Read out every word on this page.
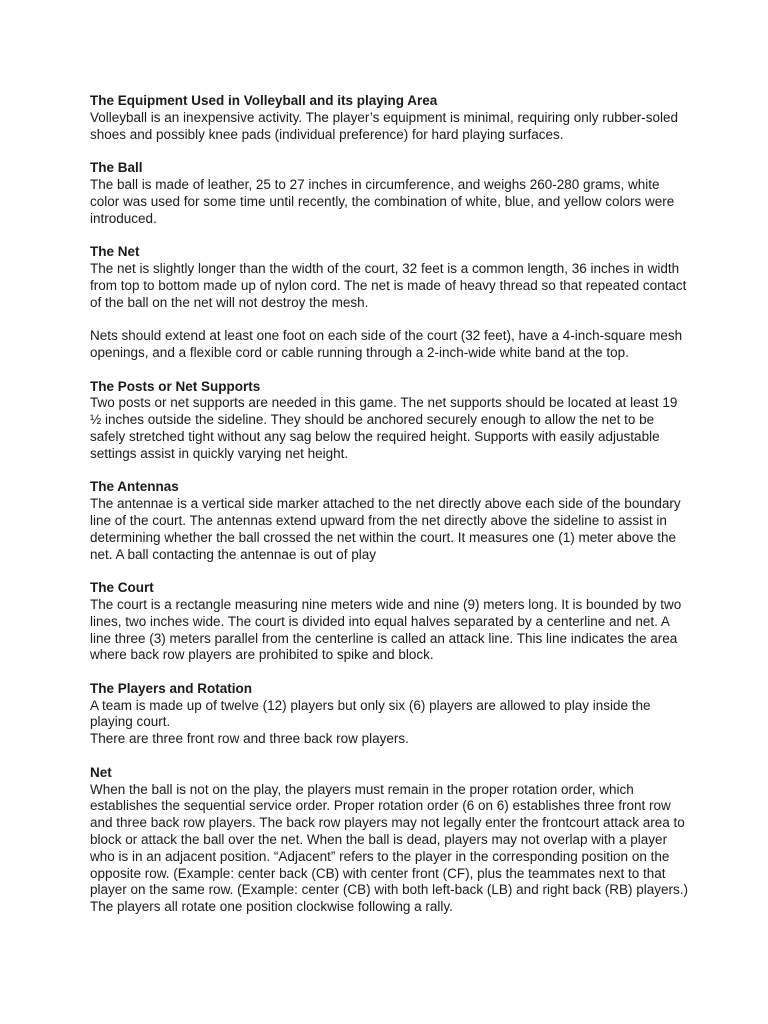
The Equipment Used in Volleyball and its playing Area
Volleyball is an inexpensive activity. The player’s equipment is minimal, requiring only rubber-soled shoes and possibly knee pads (individual preference) for hard playing surfaces.
The Ball
The ball is made of leather, 25 to 27 inches in circumference, and weighs 260-280 grams, white color was used for some time until recently, the combination of white, blue, and yellow colors were introduced.
The Net
The net is slightly longer than the width of the court, 32 feet is a common length, 36 inches in width from top to bottom made up of nylon cord. The net is made of heavy thread so that repeated contact of the ball on the net will not destroy the mesh.
Nets should extend at least one foot on each side of the court (32 feet), have a 4-inch-square mesh openings, and a flexible cord or cable running through a 2-inch-wide white band at the top.
The Posts or Net Supports
Two posts or net supports are needed in this game. The net supports should be located at least 19 ½ inches outside the sideline. They should be anchored securely enough to allow the net to be safely stretched tight without any sag below the required height. Supports with easily adjustable settings assist in quickly varying net height.
The Antennas
The antennae is a vertical side marker attached to the net directly above each side of the boundary line of the court. The antennas extend upward from the net directly above the sideline to assist in determining whether the ball crossed the net within the court. It measures one (1) meter above the net. A ball contacting the antennae is out of play
The Court
The court is a rectangle measuring nine meters wide and nine (9) meters long. It is bounded by two lines, two inches wide. The court is divided into equal halves separated by a centerline and net. A line three (3) meters parallel from the centerline is called an attack line. This line indicates the area where back row players are prohibited to spike and block.
The Players and Rotation
A team is made up of twelve (12) players but only six (6) players are allowed to play inside the playing court.
There are three front row and three back row players.
Net
When the ball is not on the play, the players must remain in the proper rotation order, which establishes the sequential service order. Proper rotation order (6 on 6) establishes three front row and three back row players. The back row players may not legally enter the frontcourt attack area to block or attack the ball over the net. When the ball is dead, players may not overlap with a player who is in an adjacent position. “Adjacent” refers to the player in the corresponding position on the opposite row. (Example: center back (CB) with center front (CF), plus the teammates next to that player on the same row. (Example: center (CB) with both left-back (LB) and right back (RB) players.) The players all rotate one position clockwise following a rally.
